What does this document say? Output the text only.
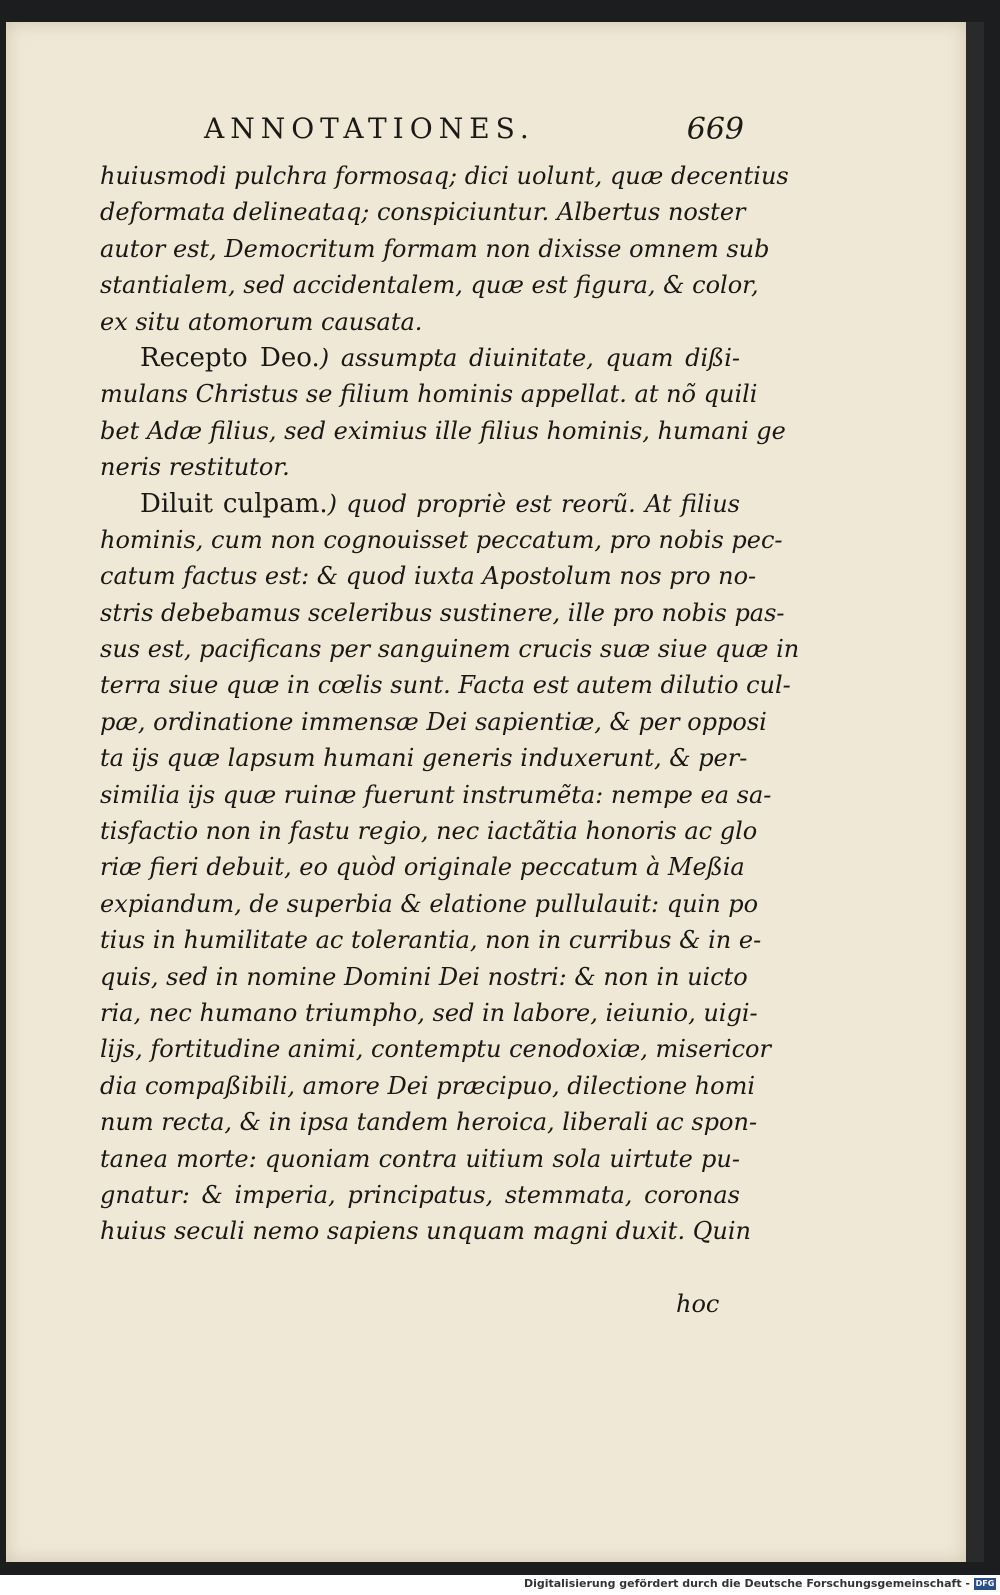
ANNOTATIONES.	669
huiusmodi pulchra formosaq; dici uolunt, quæ decentius
deformata delineataq; conspiciuntur. Albertus noster
autor est, Democritum formam non dixisse omnem sub
stantialem, sed accidentalem, quæ est figura, & color,
ex situ atomorum causata.
Recepto Deo.) assumpta diuinitate, quam dißi-
mulans Christus se filium hominis appellat. at nõ quili
bet Adæ filius, sed eximius ille filius hominis, humani ge
neris restitutor.
Diluit culpam.) quod propriè est reorũ. At filius
hominis, cum non cognouisset peccatum, pro nobis pec-
catum factus est: & quod iuxta Apostolum nos pro no-
stris debebamus sceleribus sustinere, ille pro nobis pas-
sus est, pacificans per sanguinem crucis suæ siue quæ in
terra siue quæ in cœlis sunt. Facta est autem dilutio cul-
pæ, ordinatione immensæ Dei sapientiæ, & per opposi
ta ijs quæ lapsum humani generis induxerunt, & per-
similia ijs quæ ruinæ fuerunt instrumẽta: nempe ea sa-
tisfactio non in fastu regio, nec iactãtia honoris ac glo
riæ fieri debuit, eo quòd originale peccatum à Meßia
expiandum, de superbia & elatione pullulauit: quin po
tius in humilitate ac tolerantia, non in curribus & in e-
quis, sed in nomine Domini Dei nostri: & non in uicto
ria, nec humano triumpho, sed in labore, ieiunio, uigi-
lijs, fortitudine animi, contemptu cenodoxiæ, misericor
dia compaßibili, amore Dei præcipuo, dilectione homi
num recta, & in ipsa tandem heroica, liberali ac spon-
tanea morte: quoniam contra uitium sola uirtute pu-
gnatur: & imperia, principatus, stemmata, coronas
huius seculi nemo sapiens unquam magni duxit. Quin
hoc
Digitalisierung gefördert durch die Deutsche Forschungsgemeinschaft - DFG
